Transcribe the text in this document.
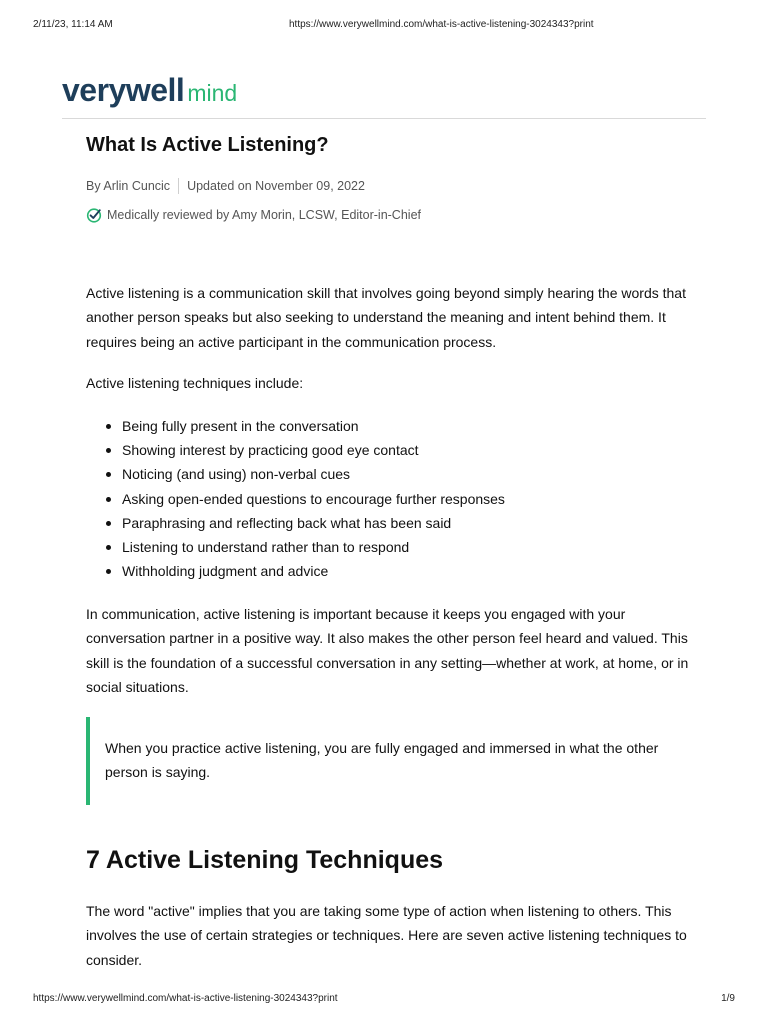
2/11/23, 11:14 AM	https://www.verywellmind.com/what-is-active-listening-3024343?print
verywell mind
What Is Active Listening?
By Arlin Cuncic Updated on November 09, 2022
Medically reviewed by Amy Morin, LCSW, Editor-in-Chief

Active listening is a communication skill that involves going beyond simply hearing the words that another person speaks but also seeking to understand the meaning and intent behind them. It requires being an active participant in the communication process.

Active listening techniques include:

Being fully present in the conversation
Showing interest by practicing good eye contact
Noticing (and using) non-verbal cues
Asking open-ended questions to encourage further responses
Paraphrasing and reflecting back what has been said
Listening to understand rather than to respond
Withholding judgment and advice

In communication, active listening is important because it keeps you engaged with your conversation partner in a positive way. It also makes the other person feel heard and valued. This skill is the foundation of a successful conversation in any setting—whether at work, at home, or in social situations.

When you practice active listening, you are fully engaged and immersed in what the other person is saying.
7 Active Listening Techniques

The word "active" implies that you are taking some type of action when listening to others. This involves the use of certain strategies or techniques. Here are seven active listening techniques to consider.

https://www.verywellmind.com/what-is-active-listening-3024343?print	1/9
